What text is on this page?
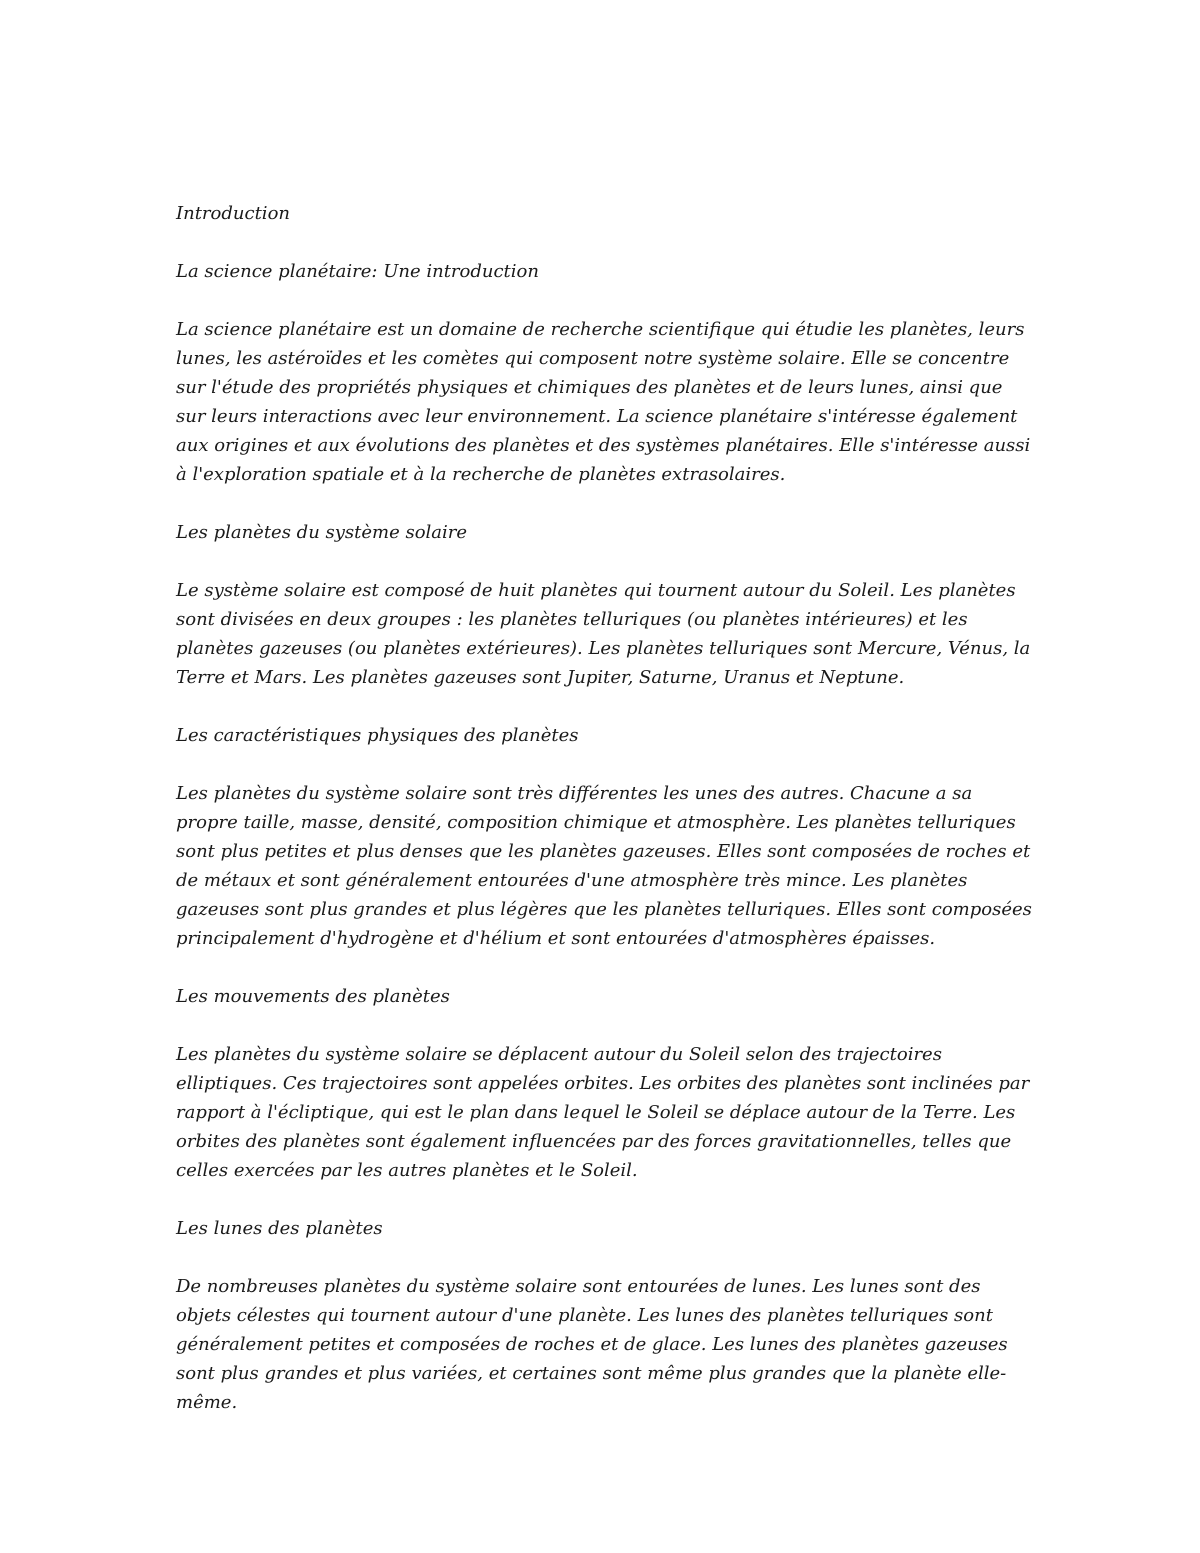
Introduction

La science planétaire: Une introduction

La science planétaire est un domaine de recherche scientifique qui étudie les planètes, leurs lunes, les astéroïdes et les comètes qui composent notre système solaire. Elle se concentre sur l'étude des propriétés physiques et chimiques des planètes et de leurs lunes, ainsi que sur leurs interactions avec leur environnement. La science planétaire s'intéresse également aux origines et aux évolutions des planètes et des systèmes planétaires. Elle s'intéresse aussi à l'exploration spatiale et à la recherche de planètes extrasolaires.

Les planètes du système solaire

Le système solaire est composé de huit planètes qui tournent autour du Soleil. Les planètes sont divisées en deux groupes : les planètes telluriques (ou planètes intérieures) et les planètes gazeuses (ou planètes extérieures). Les planètes telluriques sont Mercure, Vénus, la Terre et Mars. Les planètes gazeuses sont Jupiter, Saturne, Uranus et Neptune.

Les caractéristiques physiques des planètes

Les planètes du système solaire sont très différentes les unes des autres. Chacune a sa propre taille, masse, densité, composition chimique et atmosphère. Les planètes telluriques sont plus petites et plus denses que les planètes gazeuses. Elles sont composées de roches et de métaux et sont généralement entourées d'une atmosphère très mince. Les planètes gazeuses sont plus grandes et plus légères que les planètes telluriques. Elles sont composées principalement d'hydrogène et d'hélium et sont entourées d'atmosphères épaisses.

Les mouvements des planètes

Les planètes du système solaire se déplacent autour du Soleil selon des trajectoires elliptiques. Ces trajectoires sont appelées orbites. Les orbites des planètes sont inclinées par rapport à l'écliptique, qui est le plan dans lequel le Soleil se déplace autour de la Terre. Les orbites des planètes sont également influencées par des forces gravitationnelles, telles que celles exercées par les autres planètes et le Soleil.

Les lunes des planètes

De nombreuses planètes du système solaire sont entourées de lunes. Les lunes sont des objets célestes qui tournent autour d'une planète. Les lunes des planètes telluriques sont généralement petites et composées de roches et de glace. Les lunes des planètes gazeuses sont plus grandes et plus variées, et certaines sont même plus grandes que la planète elle-même.
